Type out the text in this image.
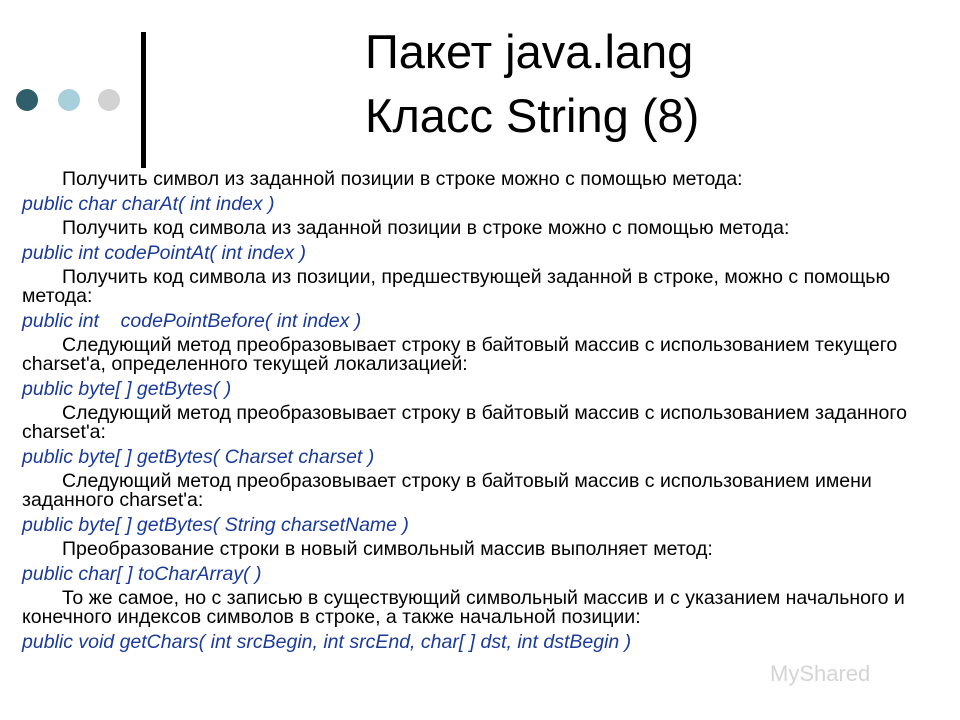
Пакет java.lang
Класс String (8)
Получить символ из заданной позиции в строке можно с помощью метода:
public char charAt( int index )
Получить код символа из заданной позиции в строке можно с помощью метода:
public int codePointAt( int index )
Получить код символа из позиции, предшествующей заданной в строке, можно с помощью метода:
public int    codePointBefore( int index )
Следующий метод преобразовывает строку в байтовый массив с использованием текущего charset'a, определенного текущей локализацией:
public byte[ ] getBytes( )
Следующий метод преобразовывает строку в байтовый массив с использованием заданного charset'a:
public byte[ ] getBytes( Charset charset )
Следующий метод преобразовывает строку в байтовый массив с использованием имени заданного charset'a:
public byte[ ] getBytes( String charsetName )
Преобразование строки в новый символьный массив выполняет метод:
public char[ ] toCharArray( )
То же самое, но с записью в существующий символьный массив и с указанием начального и конечного индексов символов в строке, а также начальной позиции:
public void getChars( int srcBegin, int srcEnd, char[ ] dst, int dstBegin )
MyShared
